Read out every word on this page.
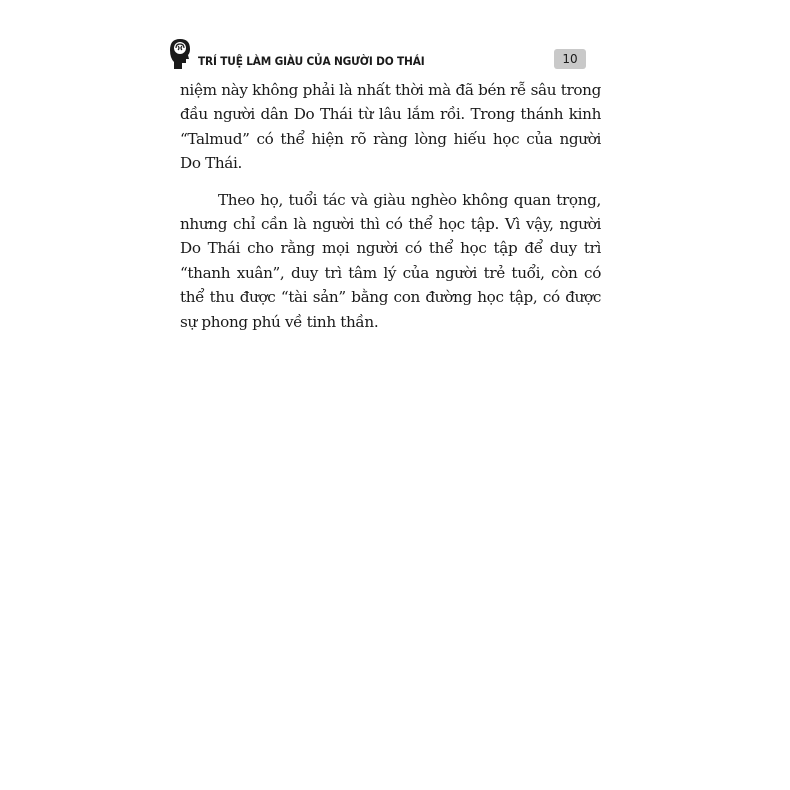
TRÍ TUỆ LÀM GIÀU CỦA NGƯỜI DO THÁI	10

niệm này không phải là nhất thời mà đã bén rễ sâu trong đầu người dân Do Thái từ lâu lắm rồi. Trong thánh kinh “Talmud” có thể hiện rõ ràng lòng hiếu học của người Do Thái.

Theo họ, tuổi tác và giàu nghèo không quan trọng, nhưng chỉ cần là người thì có thể học tập. Vì vậy, người Do Thái cho rằng mọi người có thể học tập để duy trì “thanh xuân”, duy trì tâm lý của người trẻ tuổi, còn có thể thu được “tài sản” bằng con đường học tập, có được sự phong phú về tinh thần.
